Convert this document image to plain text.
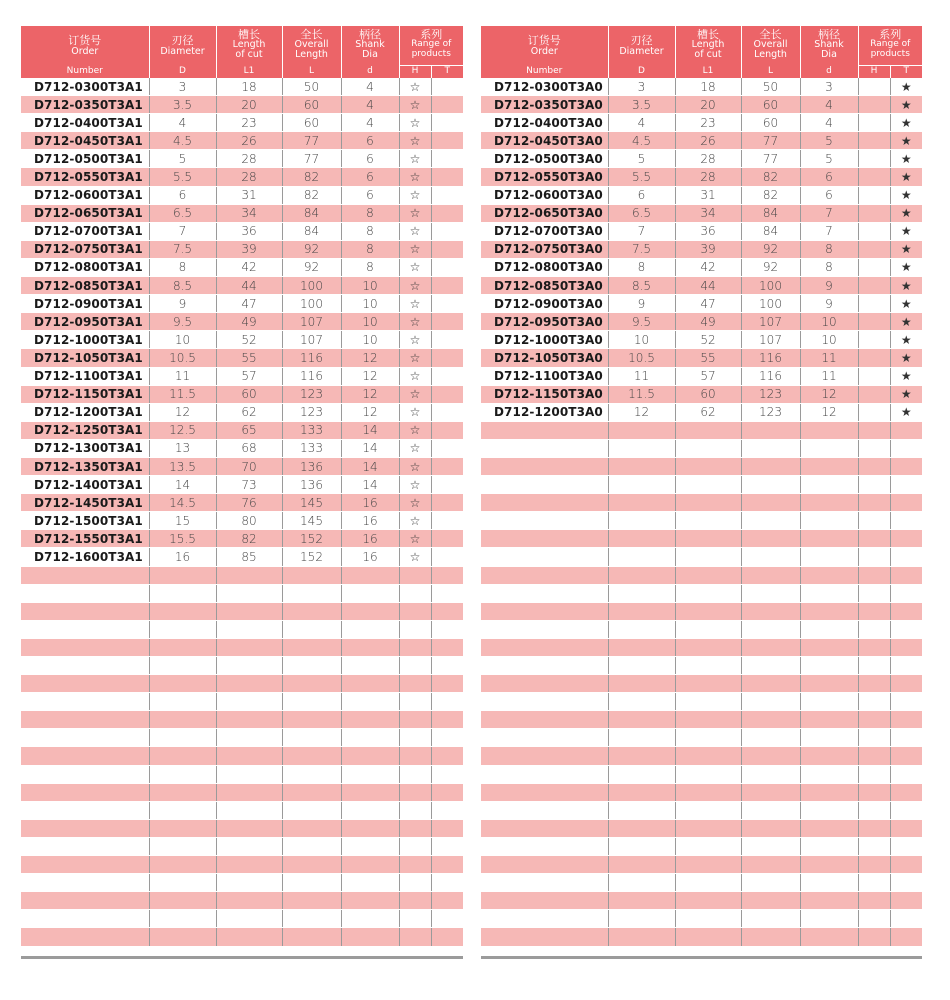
订货号
Order	刃径
Diameter	槽长
Length
of cut	全长
Overall
Length	柄径
Shank
Dia	系列
Range of
products	

Number	D	L1	L	d	H	T
D712-0300T3A1	3	18	50	4	☆	
D712-0350T3A1	3.5	20	60	4	☆	
D712-0400T3A1	4	23	60	4	☆	
D712-0450T3A1	4.5	26	77	6	☆	
D712-0500T3A1	5	28	77	6	☆	
D712-0550T3A1	5.5	28	82	6	☆	
D712-0600T3A1	6	31	82	6	☆	
D712-0650T3A1	6.5	34	84	8	☆	
D712-0700T3A1	7	36	84	8	☆	
D712-0750T3A1	7.5	39	92	8	☆	
D712-0800T3A1	8	42	92	8	☆	
D712-0850T3A1	8.5	44	100	10	☆	
D712-0900T3A1	9	47	100	10	☆	
D712-0950T3A1	9.5	49	107	10	☆	
D712-1000T3A1	10	52	107	10	☆	
D712-1050T3A1	10.5	55	116	12	☆	
D712-1100T3A1	11	57	116	12	☆	
D712-1150T3A1	11.5	60	123	12	☆	
D712-1200T3A1	12	62	123	12	☆	
D712-1250T3A1	12.5	65	133	14	☆	
D712-1300T3A1	13	68	133	14	☆	
D712-1350T3A1	13.5	70	136	14	☆	
D712-1400T3A1	14	73	136	14	☆	
D712-1450T3A1	14.5	76	145	16	☆	
D712-1500T3A1	15	80	145	16	☆	
D712-1550T3A1	15.5	82	152	16	☆	
D712-1600T3A1	16	85	152	16	☆	

订货号
Order	刃径
Diameter	槽长
Length
of cut	全长
Overall
Length	柄径
Shank
Dia	系列
Range of
products	

Number	D	L1	L	d	H	T
D712-0300T3A0	3	18	50	3		★
D712-0350T3A0	3.5	20	60	4		★
D712-0400T3A0	4	23	60	4		★
D712-0450T3A0	4.5	26	77	5		★
D712-0500T3A0	5	28	77	5		★
D712-0550T3A0	5.5	28	82	6		★
D712-0600T3A0	6	31	82	6		★
D712-0650T3A0	6.5	34	84	7		★
D712-0700T3A0	7	36	84	7		★
D712-0750T3A0	7.5	39	92	8		★
D712-0800T3A0	8	42	92	8		★
D712-0850T3A0	8.5	44	100	9		★
D712-0900T3A0	9	47	100	9		★
D712-0950T3A0	9.5	49	107	10		★
D712-1000T3A0	10	52	107	10		★
D712-1050T3A0	10.5	55	116	11		★
D712-1100T3A0	11	57	116	11		★
D712-1150T3A0	11.5	60	123	12		★
D712-1200T3A0	12	62	123	12		★
